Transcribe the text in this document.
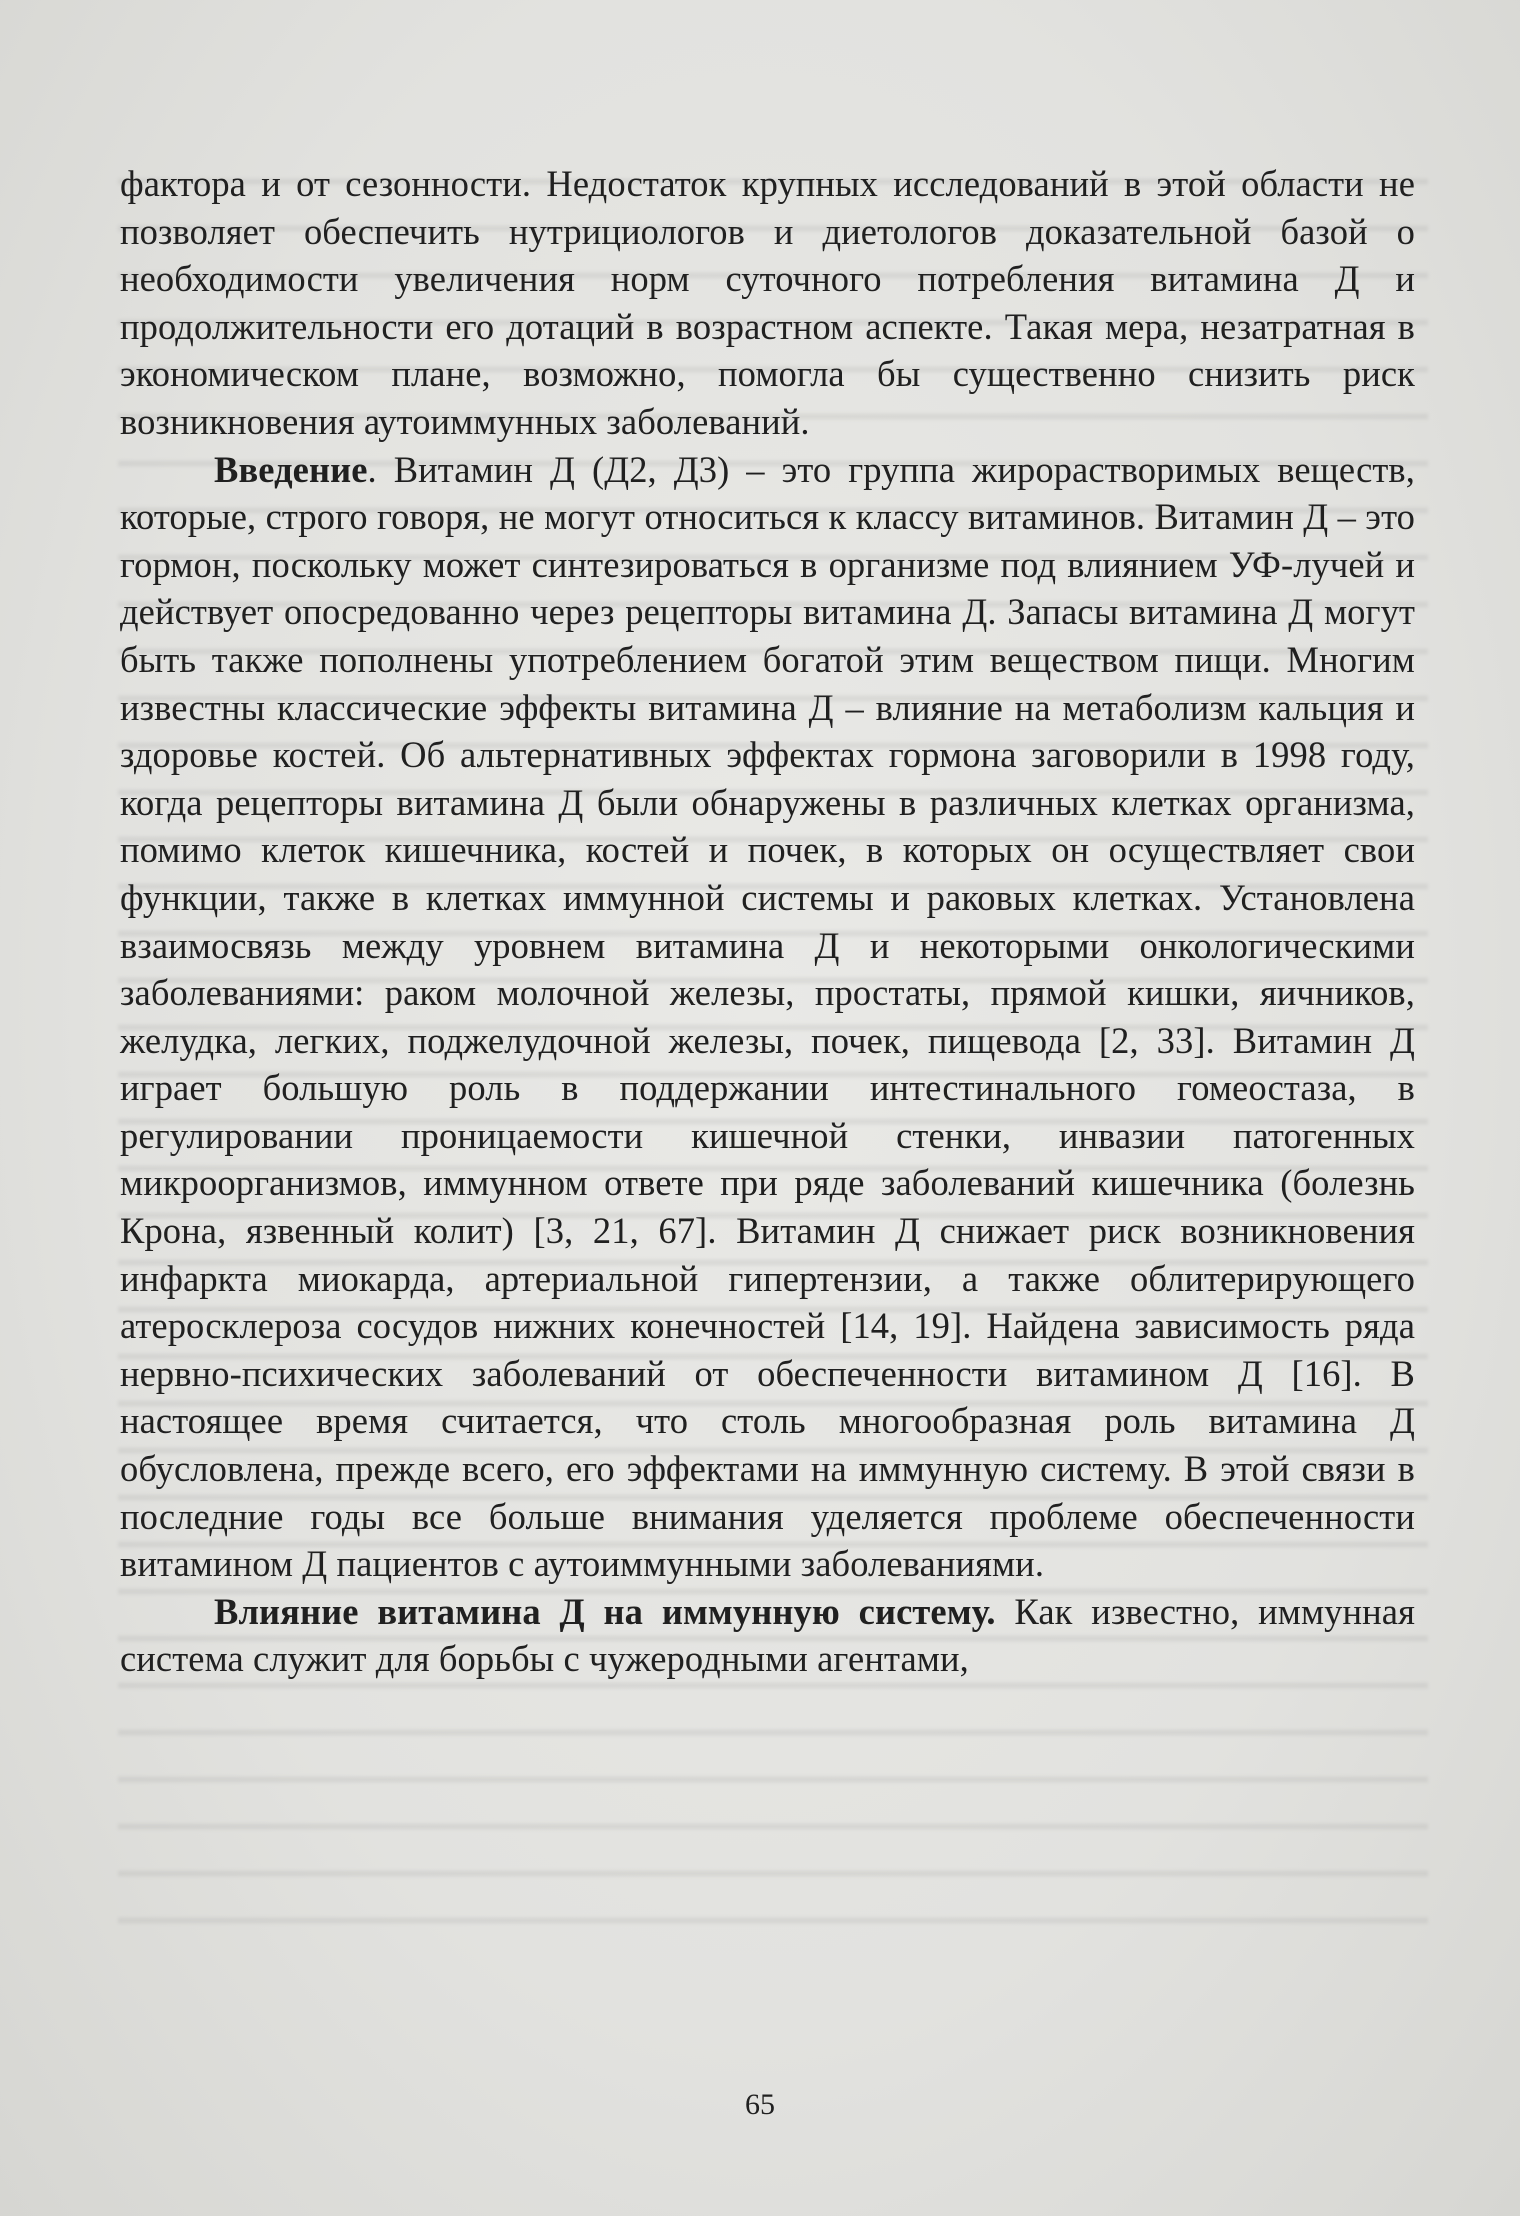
фактора и от сезонности. Недостаток крупных исследований в этой области не позволяет обеспечить нутрициологов и диетологов доказательной базой о необходимости увеличения норм суточного потребления витамина Д и продолжительности его дотаций в возрастном аспекте. Такая мера, незатратная в экономическом плане, возможно, помогла бы существенно снизить риск возникновения аутоиммунных заболеваний.

Введение. Витамин Д (Д2, Д3) – это группа жирорастворимых веществ, которые, строго говоря, не могут относиться к классу витаминов. Витамин Д – это гормон, поскольку может синтезироваться в организме под влиянием УФ-лучей и действует опосредованно через рецепторы витамина Д. Запасы витамина Д могут быть также пополнены употреблением богатой этим веществом пищи. Многим известны классические эффекты витамина Д – влияние на метаболизм кальция и здоровье костей. Об альтернативных эффектах гормона заговорили в 1998 году, когда рецепторы витамина Д были обнаружены в различных клетках организма, помимо клеток кишечника, костей и почек, в которых он осуществляет свои функции, также в клетках иммунной системы и раковых клетках. Установлена взаимосвязь между уровнем витамина Д и некоторыми онкологическими заболеваниями: раком молочной железы, простаты, прямой кишки, яичников, желудка, легких, поджелудочной железы, почек, пищевода [2, 33]. Витамин Д играет большую роль в поддержании интестинального гомеостаза, в регулировании проницаемости кишечной стенки, инвазии патогенных микроорганизмов, иммунном ответе при ряде заболеваний кишечника (болезнь Крона, язвенный колит) [3, 21, 67]. Витамин Д снижает риск возникновения инфаркта миокарда, артериальной гипертензии, а также облитерирующего атеросклероза сосудов нижних конечностей [14, 19]. Найдена зависимость ряда нервно-психических заболеваний от обеспеченности витамином Д [16]. В настоящее время считается, что столь многообразная роль витамина Д обусловлена, прежде всего, его эффектами на иммунную систему. В этой связи в последние годы все больше внимания уделяется проблеме обеспеченности витамином Д пациентов с аутоиммунными заболеваниями.

Влияние витамина Д на иммунную систему. Как известно, иммунная система служит для борьбы с чужеродными агентами,

65
